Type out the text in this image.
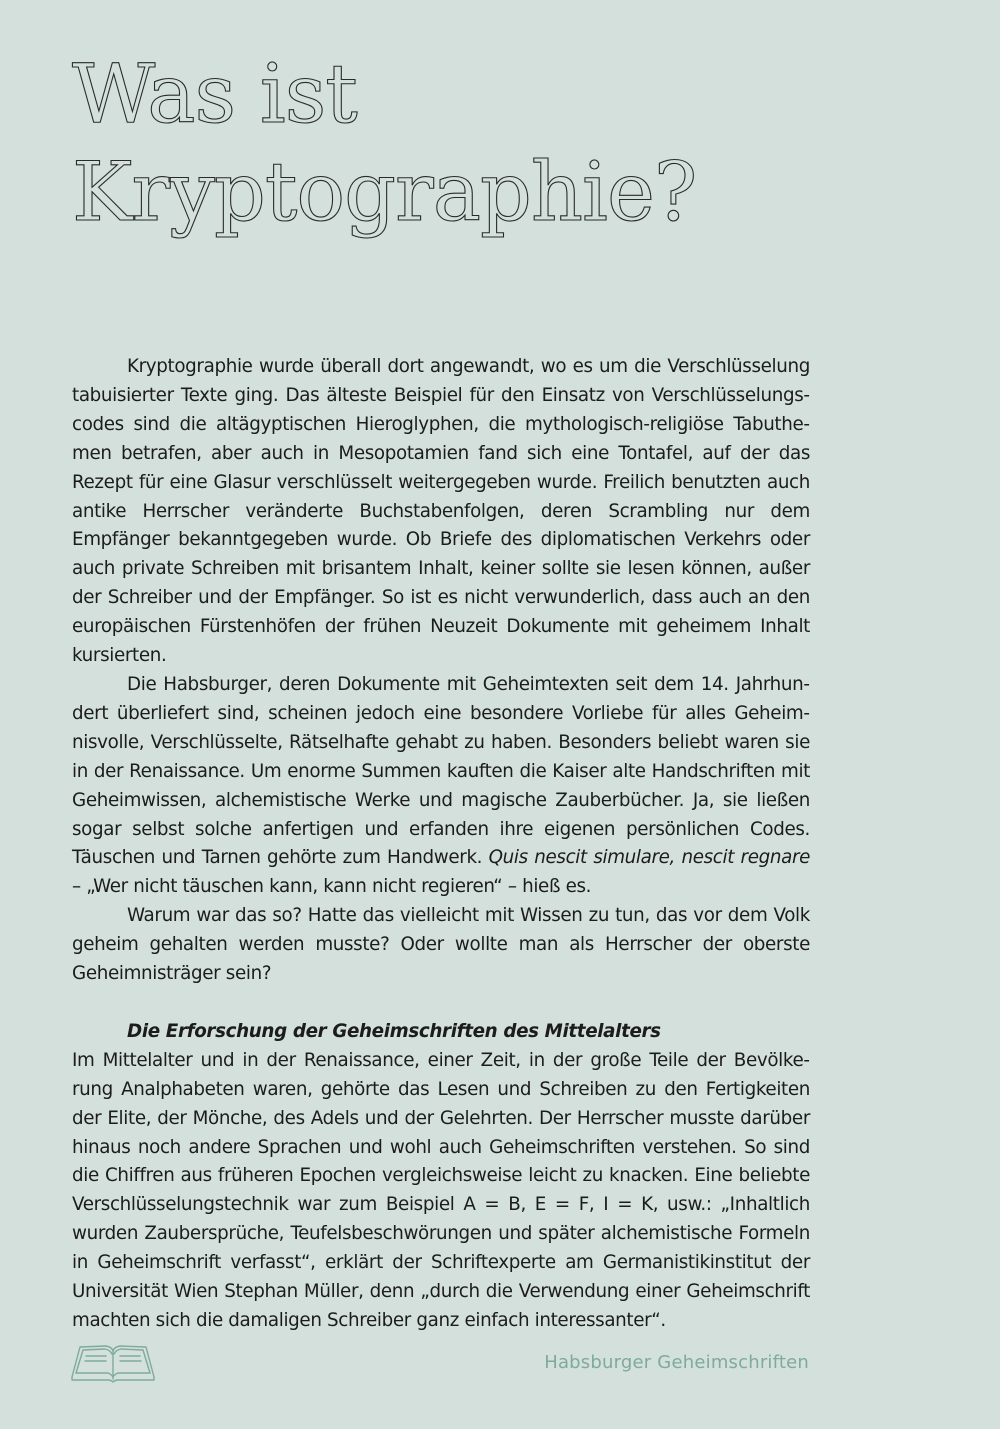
Was ist
Kryptographie?

Kryptographie wurde überall dort angewandt, wo es um die Verschlüsselung tabuisierter Texte ging. Das älteste Beispiel für den Einsatz von Verschlüsselungscodes sind die altägyptischen Hieroglyphen, die mythologisch-religiöse Tabuthemen betrafen, aber auch in Mesopotamien fand sich eine Tontafel, auf der das Rezept für eine Glasur verschlüsselt weitergegeben wurde. Freilich benutzten auch antike Herrscher veränderte Buchstabenfolgen, deren Scrambling nur dem Empfänger bekanntgegeben wurde. Ob Briefe des diplomatischen Verkehrs oder auch private Schreiben mit brisantem Inhalt, keiner sollte sie lesen können, außer der Schreiber und der Empfänger. So ist es nicht verwunderlich, dass auch an den europäischen Fürstenhöfen der frühen Neuzeit Dokumente mit geheimem Inhalt kursierten.

Die Habsburger, deren Dokumente mit Geheimtexten seit dem 14. Jahrhundert überliefert sind, scheinen jedoch eine besondere Vorliebe für alles Geheimnisvolle, Verschlüsselte, Rätselhafte gehabt zu haben. Besonders beliebt waren sie in der Renaissance. Um enorme Summen kauften die Kaiser alte Handschriften mit Geheimwissen, alchemistische Werke und magische Zauberbücher. Ja, sie ließen sogar selbst solche anfertigen und erfanden ihre eigenen persönlichen Codes. Täuschen und Tarnen gehörte zum Handwerk. Quis nescit simulare, nescit regnare – „Wer nicht täuschen kann, kann nicht regieren“ – hieß es.

Warum war das so? Hatte das vielleicht mit Wissen zu tun, das vor dem Volk geheim gehalten werden musste? Oder wollte man als Herrscher der oberste Geheimnisträger sein?

Die Erforschung der Geheimschriften des Mittelalters

Im Mittelalter und in der Renaissance, einer Zeit, in der große Teile der Bevölkerung Analphabeten waren, gehörte das Lesen und Schreiben zu den Fertigkeiten der Elite, der Mönche, des Adels und der Gelehrten. Der Herrscher musste darüber hinaus noch andere Sprachen und wohl auch Geheimschriften verstehen. So sind die Chiffren aus früheren Epochen vergleichsweise leicht zu knacken. Eine beliebte Verschlüsselungstechnik war zum Beispiel A = B, E = F, I = K, usw.: „Inhaltlich wurden Zaubersprüche, Teufelsbeschwörungen und später alchemistische Formeln in Geheimschrift verfasst“, erklärt der Schriftexperte am Germanistikinstitut der Universität Wien Stephan Müller, denn „durch die Verwendung einer Geheimschrift machten sich die damaligen Schreiber ganz einfach interessanter“.

Habsburger Geheimschriften
